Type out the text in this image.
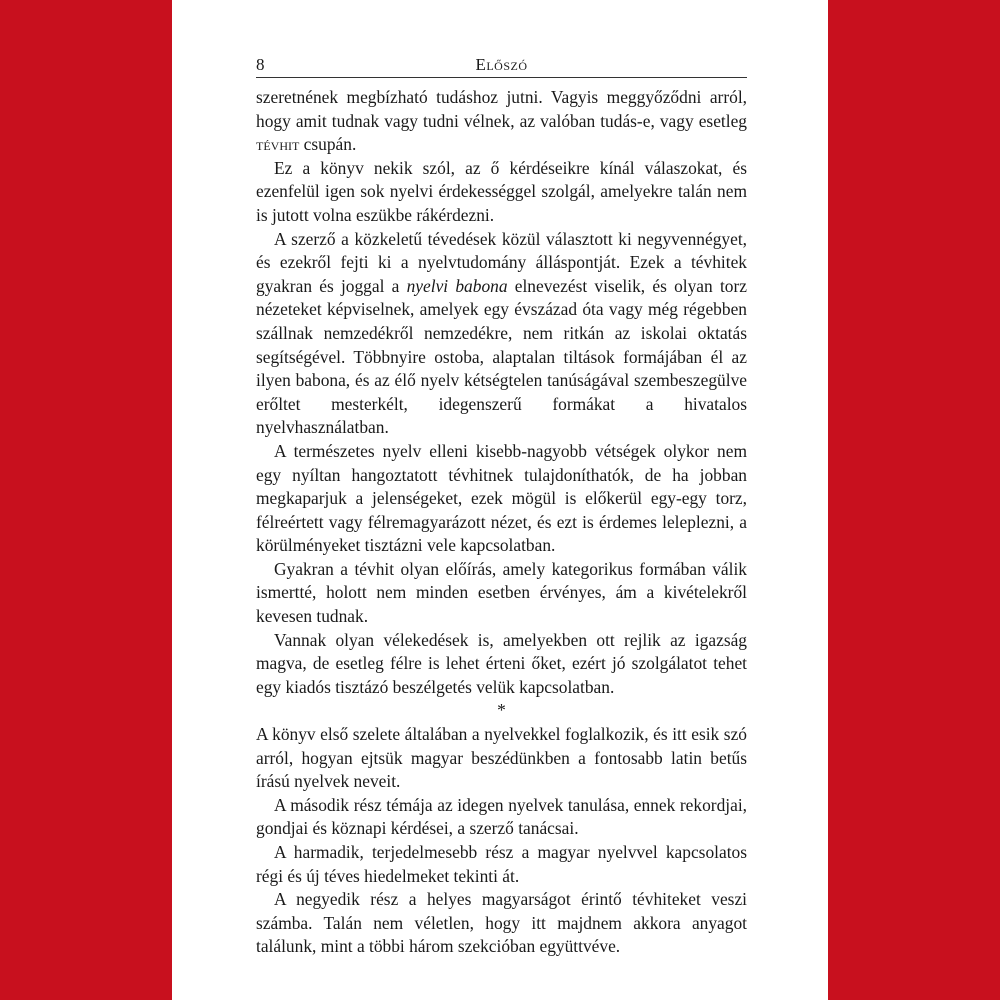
8	Előszó

szeretnének megbízható tudáshoz jutni. Vagyis meggyőződni arról, hogy amit tudnak vagy tudni vélnek, az valóban tudás-e, vagy esetleg tévhit csupán.

Ez a könyv nekik szól, az ő kérdéseikre kínál válaszokat, és ezenfelül igen sok nyelvi érdekességgel szolgál, amelyekre talán nem is jutott volna eszükbe rákérdezni.

A szerző a közkeletű tévedések közül választott ki negyvennégyet, és ezekről fejti ki a nyelvtudomány álláspontját. Ezek a tévhitek gyakran és joggal a nyelvi babona elnevezést viselik, és olyan torz nézeteket képviselnek, amelyek egy évszázad óta vagy még régebben szállnak nemzedékről nemzedékre, nem ritkán az iskolai oktatás segítségével. Többnyire ostoba, alaptalan tiltások formájában él az ilyen babona, és az élő nyelv kétségtelen tanúságával szembeszegülve erőltet mesterkélt, idegenszerű formákat a hivatalos nyelvhasználatban.

A természetes nyelv elleni kisebb-nagyobb vétségek olykor nem egy nyíltan hangoztatott tévhitnek tulajdoníthatók, de ha jobban megkaparjuk a jelenségeket, ezek mögül is előkerül egy-egy torz, félreértett vagy félremagyarázott nézet, és ezt is érdemes leleplezni, a körülményeket tisztázni vele kapcsolatban.

Gyakran a tévhit olyan előírás, amely kategorikus formában válik ismertté, holott nem minden esetben érvényes, ám a kivételekről kevesen tudnak.

Vannak olyan vélekedések is, amelyekben ott rejlik az igazság magva, de esetleg félre is lehet érteni őket, ezért jó szolgálatot tehet egy kiadós tisztázó beszélgetés velük kapcsolatban.

*

A könyv első szelete általában a nyelvekkel foglalkozik, és itt esik szó arról, hogyan ejtsük magyar beszédünkben a fontosabb latin betűs írású nyelvek neveit.

A második rész témája az idegen nyelvek tanulása, ennek rekordjai, gondjai és köznapi kérdései, a szerző tanácsai.

A harmadik, terjedelmesebb rész a magyar nyelvvel kapcsolatos régi és új téves hiedelmeket tekinti át.

A negyedik rész a helyes magyarságot érintő tévhiteket veszi számba. Talán nem véletlen, hogy itt majdnem akkora anyagot találunk, mint a többi három szekcióban együttvéve.
